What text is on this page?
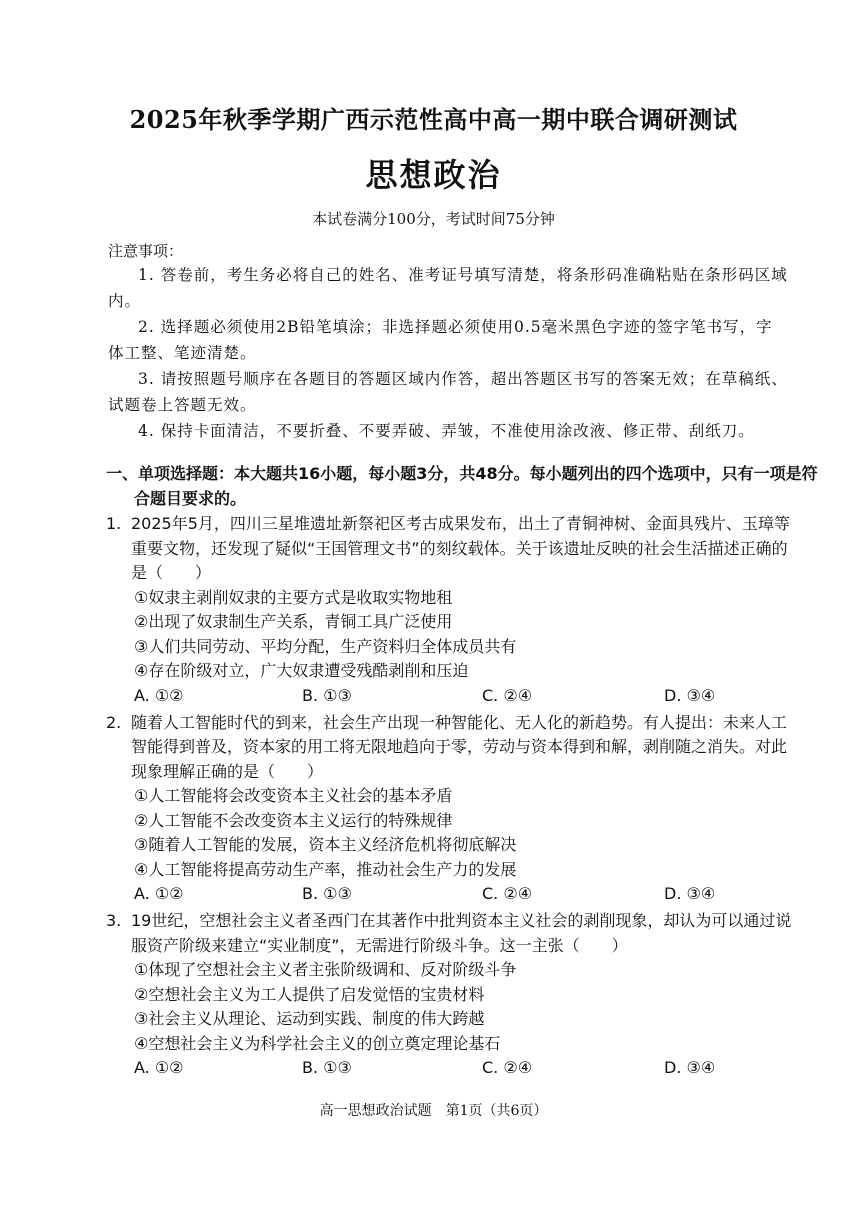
2025年秋季学期广西示范性高中高一期中联合调研测试
思想政治
本试卷满分100分，考试时间75分钟
注意事项：

1. 答卷前，考生务必将自己的姓名、准考证号填写清楚，将条形码准确粘贴在条形码区域内。

2. 选择题必须使用2B铅笔填涂；非选择题必须使用0.5毫米黑色字迹的签字笔书写，字体工整、笔迹清楚。

3. 请按照题号顺序在各题目的答题区域内作答，超出答题区书写的答案无效；在草稿纸、试题卷上答题无效。

4. 保持卡面清洁，不要折叠、不要弄破、弄皱，不准使用涂改液、修正带、刮纸刀。

一、单项选择题：本大题共16小题，每小题3分，共48分。每小题列出的四个选项中，只有一项是符合题目要求的。
1. 2025年5月，四川三星堆遗址新祭祀区考古成果发布，出土了青铜神树、金面具残片、玉璋等重要文物，还发现了疑似“王国管理文书”的刻纹载体。关于该遗址反映的社会生活描述正确的是（　　）
①奴隶主剥削奴隶的主要方式是收取实物地租
②出现了奴隶制生产关系，青铜工具广泛使用
③人们共同劳动、平均分配，生产资料归全体成员共有
④存在阶级对立，广大奴隶遭受残酷剥削和压迫
A. ①②	B. ①③	C. ②④	D. ③④
2. 随着人工智能时代的到来，社会生产出现一种智能化、无人化的新趋势。有人提出：未来人工智能得到普及，资本家的用工将无限地趋向于零，劳动与资本得到和解，剥削随之消失。对此现象理解正确的是（　　）
①人工智能将会改变资本主义社会的基本矛盾
②人工智能不会改变资本主义运行的特殊规律
③随着人工智能的发展，资本主义经济危机将彻底解决
④人工智能将提高劳动生产率，推动社会生产力的发展
A. ①②	B. ①③	C. ②④	D. ③④
3. 19世纪，空想社会主义者圣西门在其著作中批判资本主义社会的剥削现象，却认为可以通过说服资产阶级来建立“实业制度”，无需进行阶级斗争。这一主张（　　）
①体现了空想社会主义者主张阶级调和、反对阶级斗争
②空想社会主义为工人提供了启发觉悟的宝贵材料
③社会主义从理论、运动到实践、制度的伟大跨越
④空想社会主义为科学社会主义的创立奠定理论基石
A. ①②	B. ①③	C. ②④	D. ③④
高一思想政治试题　第1页（共6页）
